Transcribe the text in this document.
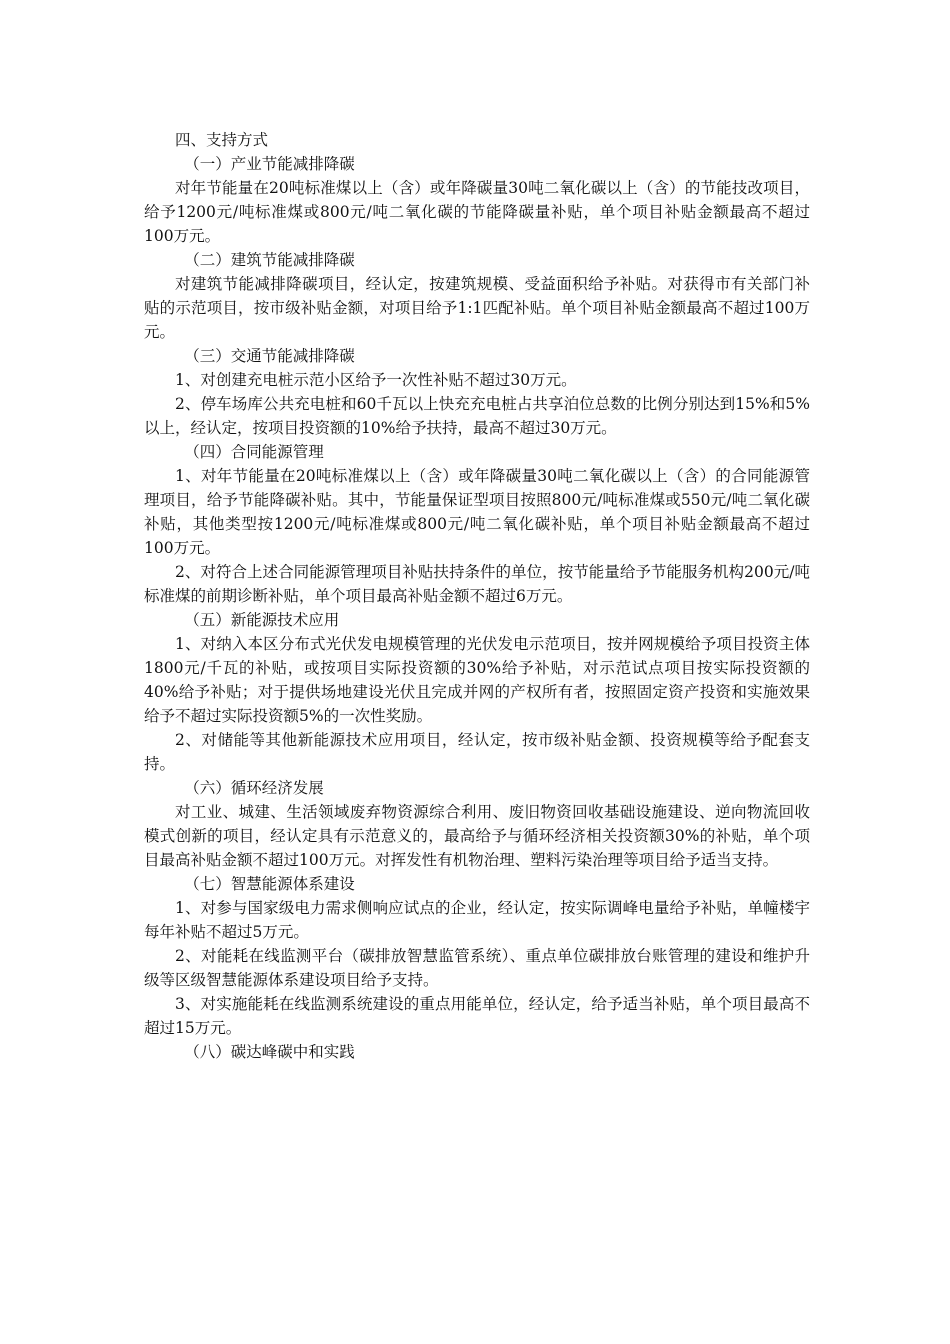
四、支持方式

（一）产业节能减排降碳

对年节能量在20吨标准煤以上（含）或年降碳量30吨二氧化碳以上（含）的节能技改项目，给予1200元/吨标准煤或800元/吨二氧化碳的节能降碳量补贴，单个项目补贴金额最高不超过100万元。

（二）建筑节能减排降碳

对建筑节能减排降碳项目，经认定，按建筑规模、受益面积给予补贴。对获得市有关部门补贴的示范项目，按市级补贴金额，对项目给予1:1匹配补贴。单个项目补贴金额最高不超过100万元。

（三）交通节能减排降碳

1、对创建充电桩示范小区给予一次性补贴不超过30万元。

2、停车场库公共充电桩和60千瓦以上快充充电桩占共享泊位总数的比例分别达到15%和5%以上，经认定，按项目投资额的10%给予扶持，最高不超过30万元。

（四）合同能源管理

1、对年节能量在20吨标准煤以上（含）或年降碳量30吨二氧化碳以上（含）的合同能源管理项目，给予节能降碳补贴。其中，节能量保证型项目按照800元/吨标准煤或550元/吨二氧化碳补贴，其他类型按1200元/吨标准煤或800元/吨二氧化碳补贴，单个项目补贴金额最高不超过100万元。

2、对符合上述合同能源管理项目补贴扶持条件的单位，按节能量给予节能服务机构200元/吨标准煤的前期诊断补贴，单个项目最高补贴金额不超过6万元。

（五）新能源技术应用

1、对纳入本区分布式光伏发电规模管理的光伏发电示范项目，按并网规模给予项目投资主体1800元/千瓦的补贴，或按项目实际投资额的30%给予补贴，对示范试点项目按实际投资额的40%给予补贴；对于提供场地建设光伏且完成并网的产权所有者，按照固定资产投资和实施效果给予不超过实际投资额5%的一次性奖励。

2、对储能等其他新能源技术应用项目，经认定，按市级补贴金额、投资规模等给予配套支持。

（六）循环经济发展

对工业、城建、生活领域废弃物资源综合利用、废旧物资回收基础设施建设、逆向物流回收模式创新的项目，经认定具有示范意义的，最高给予与循环经济相关投资额30%的补贴，单个项目最高补贴金额不超过100万元。对挥发性有机物治理、塑料污染治理等项目给予适当支持。

（七）智慧能源体系建设

1、对参与国家级电力需求侧响应试点的企业，经认定，按实际调峰电量给予补贴，单幢楼宇每年补贴不超过5万元。

2、对能耗在线监测平台（碳排放智慧监管系统）、重点单位碳排放台账管理的建设和维护升级等区级智慧能源体系建设项目给予支持。

3、对实施能耗在线监测系统建设的重点用能单位，经认定，给予适当补贴，单个项目最高不超过15万元。

（八）碳达峰碳中和实践
